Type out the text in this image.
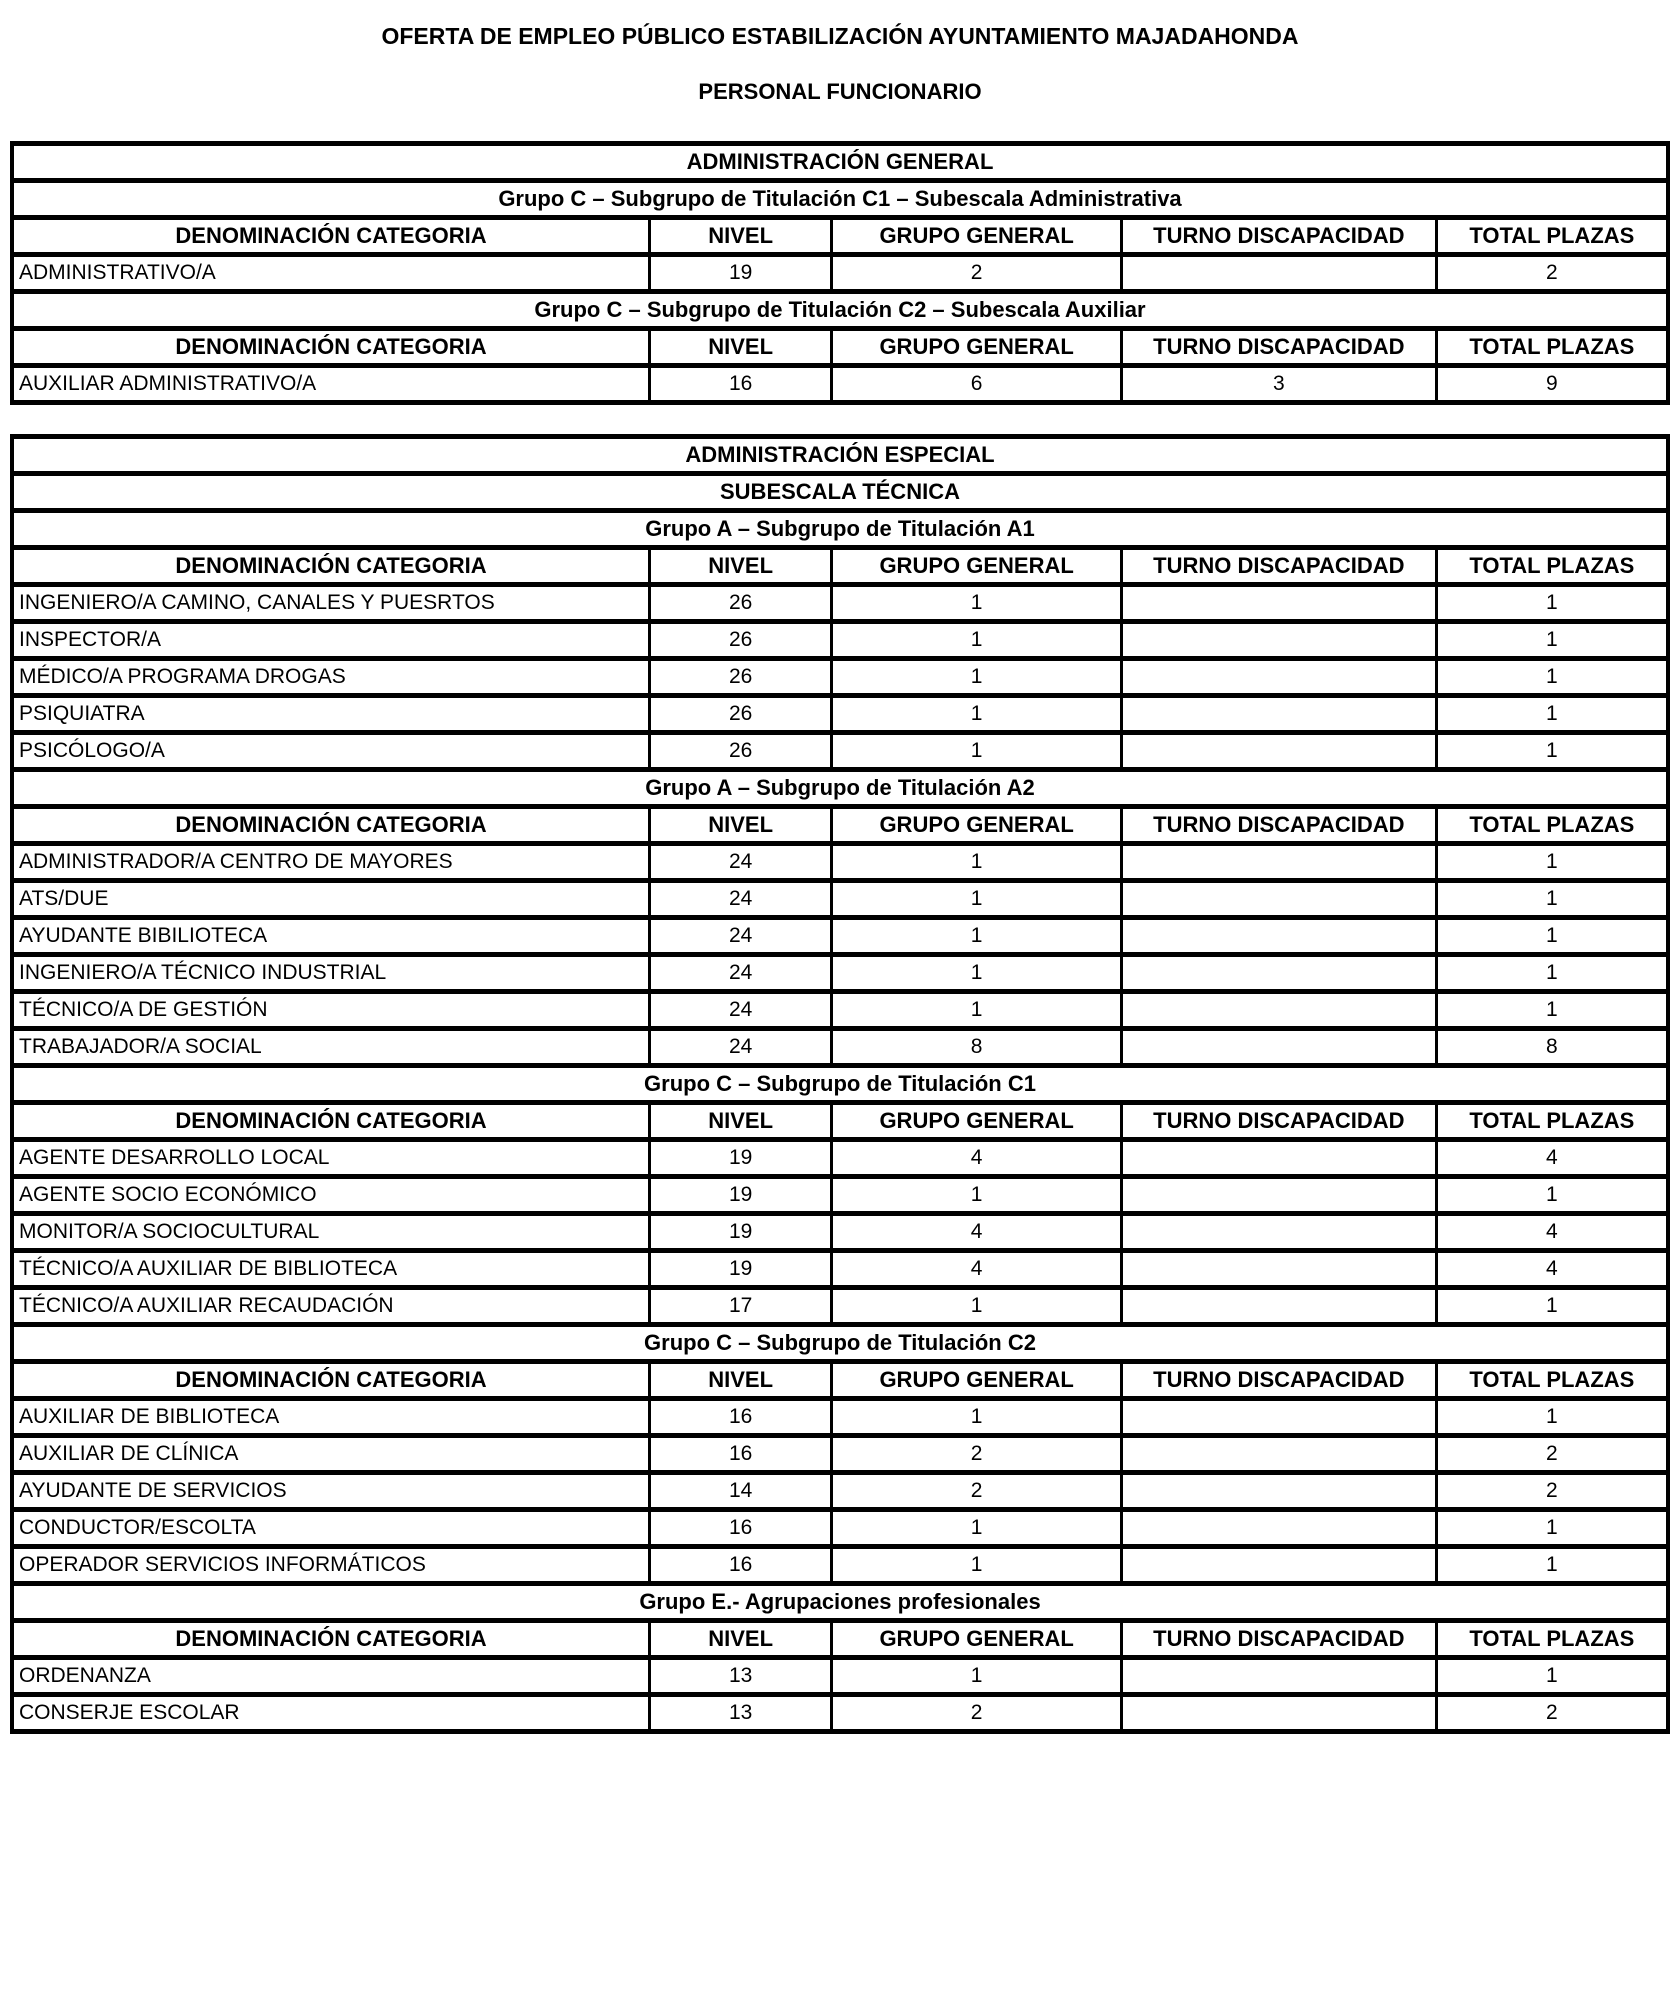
OFERTA DE EMPLEO PÚBLICO ESTABILIZACIÓN AYUNTAMIENTO MAJADAHONDA
PERSONAL FUNCIONARIO
ADMINISTRACIÓN GENERAL				
Grupo C – Subgrupo de Titulación C1 – Subescala Administrativa				
DENOMINACIÓN CATEGORIA	NIVEL	GRUPO GENERAL	TURNO DISCAPACIDAD	TOTAL PLAZAS
ADMINISTRATIVO/A	19	2		2
Grupo C – Subgrupo de Titulación C2 – Subescala Auxiliar				
DENOMINACIÓN CATEGORIA	NIVEL	GRUPO GENERAL	TURNO DISCAPACIDAD	TOTAL PLAZAS
AUXILIAR ADMINISTRATIVO/A	16	6	3	9
ADMINISTRACIÓN ESPECIAL				
SUBESCALA TÉCNICA				
Grupo A – Subgrupo de Titulación A1				
DENOMINACIÓN CATEGORIA	NIVEL	GRUPO GENERAL	TURNO DISCAPACIDAD	TOTAL PLAZAS
INGENIERO/A CAMINO, CANALES Y PUESRTOS	26	1		1
INSPECTOR/A	26	1		1
MÉDICO/A PROGRAMA DROGAS	26	1		1
PSIQUIATRA	26	1		1
PSICÓLOGO/A	26	1		1
Grupo A – Subgrupo de Titulación A2				
DENOMINACIÓN CATEGORIA	NIVEL	GRUPO GENERAL	TURNO DISCAPACIDAD	TOTAL PLAZAS
ADMINISTRADOR/A CENTRO DE MAYORES	24	1		1
ATS/DUE	24	1		1
AYUDANTE BIBILIOTECA	24	1		1
INGENIERO/A TÉCNICO INDUSTRIAL	24	1		1
TÉCNICO/A DE GESTIÓN	24	1		1
TRABAJADOR/A SOCIAL	24	8		8
Grupo C – Subgrupo de Titulación C1				
DENOMINACIÓN CATEGORIA	NIVEL	GRUPO GENERAL	TURNO DISCAPACIDAD	TOTAL PLAZAS
AGENTE DESARROLLO LOCAL	19	4		4
AGENTE SOCIO ECONÓMICO	19	1		1
MONITOR/A SOCIOCULTURAL	19	4		4
TÉCNICO/A AUXILIAR DE BIBLIOTECA	19	4		4
TÉCNICO/A AUXILIAR RECAUDACIÓN	17	1		1
Grupo C – Subgrupo de Titulación C2				
DENOMINACIÓN CATEGORIA	NIVEL	GRUPO GENERAL	TURNO DISCAPACIDAD	TOTAL PLAZAS
AUXILIAR DE BIBLIOTECA	16	1		1
AUXILIAR DE CLÍNICA	16	2		2
AYUDANTE DE SERVICIOS	14	2		2
CONDUCTOR/ESCOLTA	16	1		1
OPERADOR SERVICIOS INFORMÁTICOS	16	1		1
Grupo E.- Agrupaciones profesionales				
DENOMINACIÓN CATEGORIA	NIVEL	GRUPO GENERAL	TURNO DISCAPACIDAD	TOTAL PLAZAS
ORDENANZA	13	1		1
CONSERJE ESCOLAR	13	2		2
